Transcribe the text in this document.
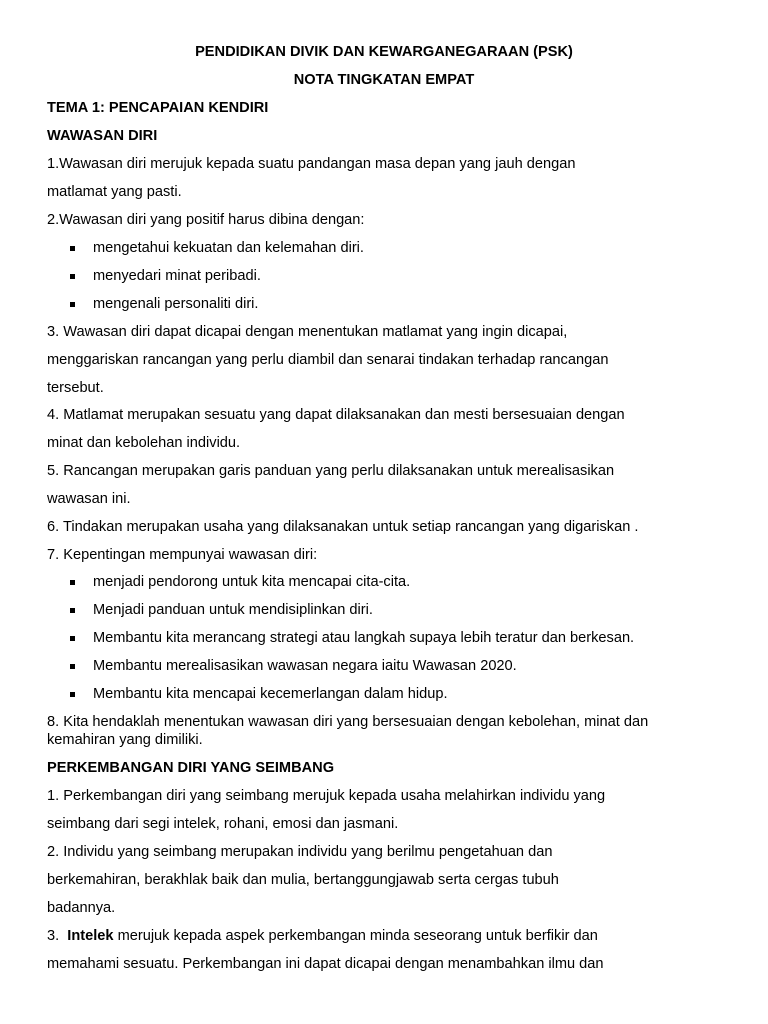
PENDIDIKAN DIVIK DAN KEWARGANEGARAAN (PSK)
NOTA TINGKATAN EMPAT
TEMA 1: PENCAPAIAN KENDIRI
WAWASAN DIRI
1.Wawasan diri merujuk kepada suatu pandangan masa depan yang jauh dengan
matlamat yang pasti.
2.Wawasan diri yang positif harus dibina dengan:
mengetahui kekuatan dan kelemahan diri.
menyedari minat peribadi.
mengenali personaliti diri.
3. Wawasan diri dapat dicapai dengan menentukan matlamat yang ingin dicapai,
menggariskan rancangan yang perlu diambil dan senarai tindakan terhadap rancangan
tersebut.
4. Matlamat merupakan sesuatu yang dapat dilaksanakan dan mesti bersesuaian dengan
minat dan kebolehan individu.
5. Rancangan merupakan garis panduan yang perlu dilaksanakan untuk merealisasikan
wawasan ini.
6. Tindakan merupakan usaha yang dilaksanakan untuk setiap rancangan yang digariskan .
7. Kepentingan mempunyai wawasan diri:
menjadi pendorong untuk kita mencapai cita-cita.
Menjadi panduan untuk mendisiplinkan diri.
Membantu kita merancang strategi atau langkah supaya lebih teratur dan berkesan.
Membantu merealisasikan wawasan negara iaitu Wawasan 2020.
Membantu kita mencapai kecemerlangan dalam hidup.
8. Kita hendaklah menentukan wawasan diri yang bersesuaian dengan kebolehan, minat dan
kemahiran yang dimiliki.
PERKEMBANGAN DIRI YANG SEIMBANG
1. Perkembangan diri yang seimbang merujuk kepada usaha melahirkan individu yang
seimbang dari segi intelek, rohani, emosi dan jasmani.
2. Individu yang seimbang merupakan individu yang berilmu pengetahuan dan
berkemahiran, berakhlak baik dan mulia, bertanggungjawab serta cergas tubuh
badannya.
3.  Intelek merujuk kepada aspek perkembangan minda seseorang untuk berfikir dan
memahami sesuatu. Perkembangan ini dapat dicapai dengan menambahkan ilmu dan
